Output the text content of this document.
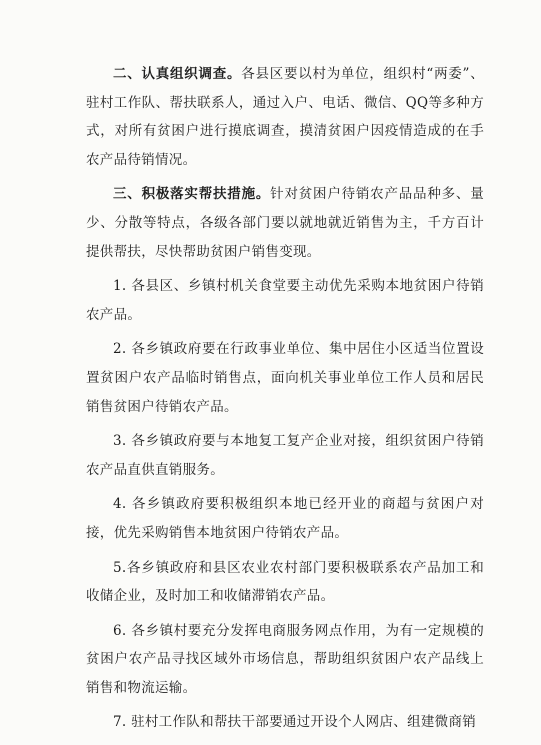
二、认真组织调查。各县区要以村为单位，组织村“两委”、驻村工作队、帮扶联系人，通过入户、电话、微信、QQ等多种方式，对所有贫困户进行摸底调查，摸清贫困户因疫情造成的在手农产品待销情况。

三、积极落实帮扶措施。针对贫困户待销农产品品种多、量少、分散等特点，各级各部门要以就地就近销售为主，千方百计提供帮扶，尽快帮助贫困户销售变现。

1. 各县区、乡镇村机关食堂要主动优先采购本地贫困户待销农产品。

2. 各乡镇政府要在行政事业单位、集中居住小区适当位置设置贫困户农产品临时销售点，面向机关事业单位工作人员和居民销售贫困户待销农产品。

3. 各乡镇政府要与本地复工复产企业对接，组织贫困户待销农产品直供直销服务。

4. 各乡镇政府要积极组织本地已经开业的商超与贫困户对接，优先采购销售本地贫困户待销农产品。

5.各乡镇政府和县区农业农村部门要积极联系农产品加工和收储企业，及时加工和收储滞销农产品。

6. 各乡镇村要充分发挥电商服务网点作用，为有一定规模的贫困户农产品寻找区域外市场信息，帮助组织贫困户农产品线上销售和物流运输。

7. 驻村工作队和帮扶干部要通过开设个人网店、组建微商销
